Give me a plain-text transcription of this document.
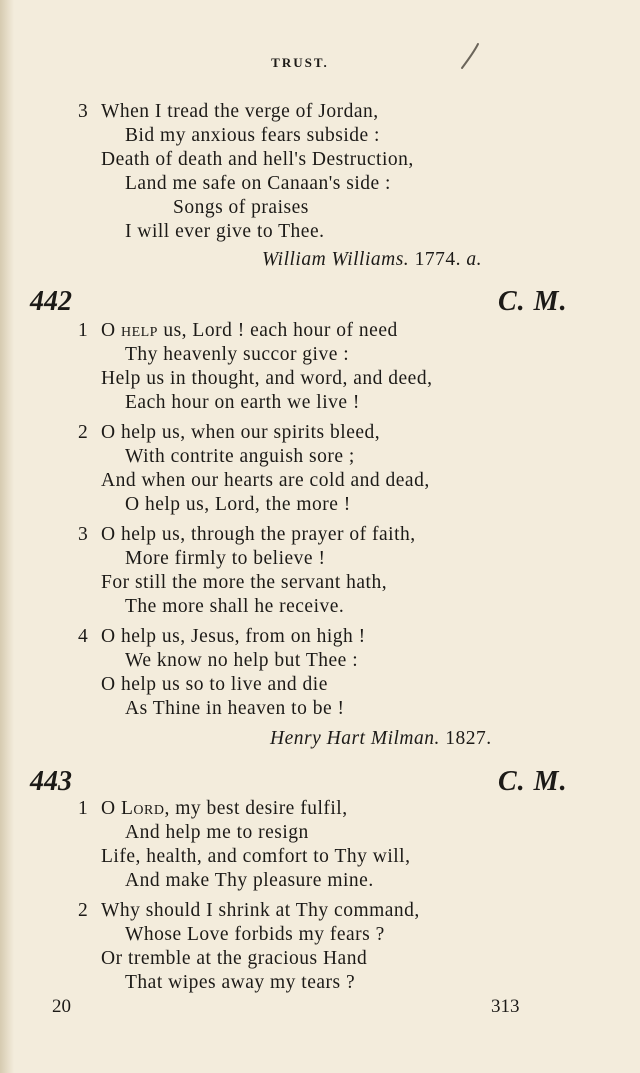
TRUST.
3 When I tread the verge of Jordan,
Bid my anxious fears subside :
Death of death and hell's Destruction,
Land me safe on Canaan's side :
Songs of praises
I will ever give to Thee.
William Williams. 1774. a.
442	C. M.
1 O help us, Lord ! each hour of need
Thy heavenly succor give :
Help us in thought, and word, and deed,
Each hour on earth we live !
2 O help us, when our spirits bleed,
With contrite anguish sore ;
And when our hearts are cold and dead,
O help us, Lord, the more !
3 O help us, through the prayer of faith,
More firmly to believe !
For still the more the servant hath,
The more shall he receive.
4 O help us, Jesus, from on high !
We know no help but Thee :
O help us so to live and die
As Thine in heaven to be !
Henry Hart Milman. 1827.
443	C. M.
1 O Lord, my best desire fulfil,
And help me to resign
Life, health, and comfort to Thy will,
And make Thy pleasure mine.
2 Why should I shrink at Thy command,
Whose Love forbids my fears ?
Or tremble at the gracious Hand
That wipes away my tears ?
20	313
